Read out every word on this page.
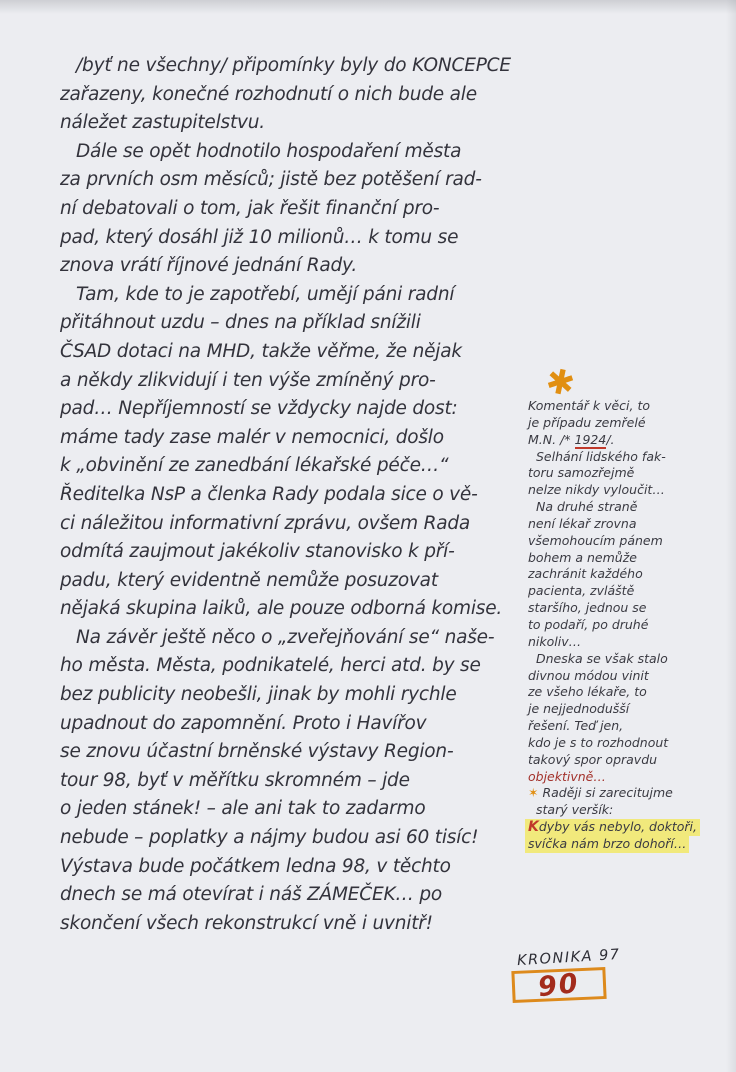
/byť ne všechny/ připomínky byly do KONCEPCE
zařazeny, konečné rozhodnutí o nich bude ale
náležet zastupitelstvu.
Dále se opět hodnotilo hospodaření města
za prvních osm měsíců; jistě bez potěšení rad-
ní debatovali o tom, jak řešit finanční pro-
pad, který dosáhl již 10 milionů… k tomu se
znova vrátí říjnové jednání Rady.
Tam, kde to je zapotřebí, umějí páni radní
přitáhnout uzdu – dnes na příklad snížili
ČSAD dotaci na MHD, takže věřme, že nějak
a někdy zlikvidují i ten výše zmíněný pro-
pad… Nepříjemností se vždycky najde dost:
máme tady zase malér v nemocnici, došlo
k „obvinění ze zanedbání lékařské péče…“
Ředitelka NsP a členka Rady podala sice o vě-
ci náležitou informativní zprávu, ovšem Rada
odmítá zaujmout jakékoliv stanovisko k pří-
padu, který evidentně nemůže posuzovat
nějaká skupina laiků, ale pouze odborná komise.
Na závěr ještě něco o „zveřejňování se“ naše-
ho města. Města, podnikatelé, herci atd. by se
bez publicity neobešli, jinak by mohli rychle
upadnout do zapomnění. Proto i Havířov
se znovu účastní brněnské výstavy Region-
tour 98, byť v měřítku skromném – jde
o jeden stánek! – ale ani tak to zadarmo
nebude – poplatky a nájmy budou asi 60 tisíc!
Výstava bude počátkem ledna 98, v těchto
dnech se má otevírat i náš ZÁMEČEK… po
skončení všech rekonstrukcí vně i uvnitř!
✱
Komentář k věci, to
je případu zemřelé
M.N. /* 1924/.
Selhání lidského fak-
toru samozřejmě
nelze nikdy vyloučit…
Na druhé straně
není lékař zrovna
všemohoucím pánem
bohem a nemůže
zachránit každého
pacienta, zvláště
staršího, jednou se
to podaří, po druhé
nikoliv…
Dneska se však stalo
divnou módou vinit
ze všeho lékaře, to
je nejjednodušší
řešení. Teď jen,
kdo je s to rozhodnout
takový spor opravdu
objektivně…
✶ Raději si zarecitujme
starý veršík:
Kdyby vás nebylo, doktoři,
svíčka nám brzo dohoří…
KRONIKA 97
90
